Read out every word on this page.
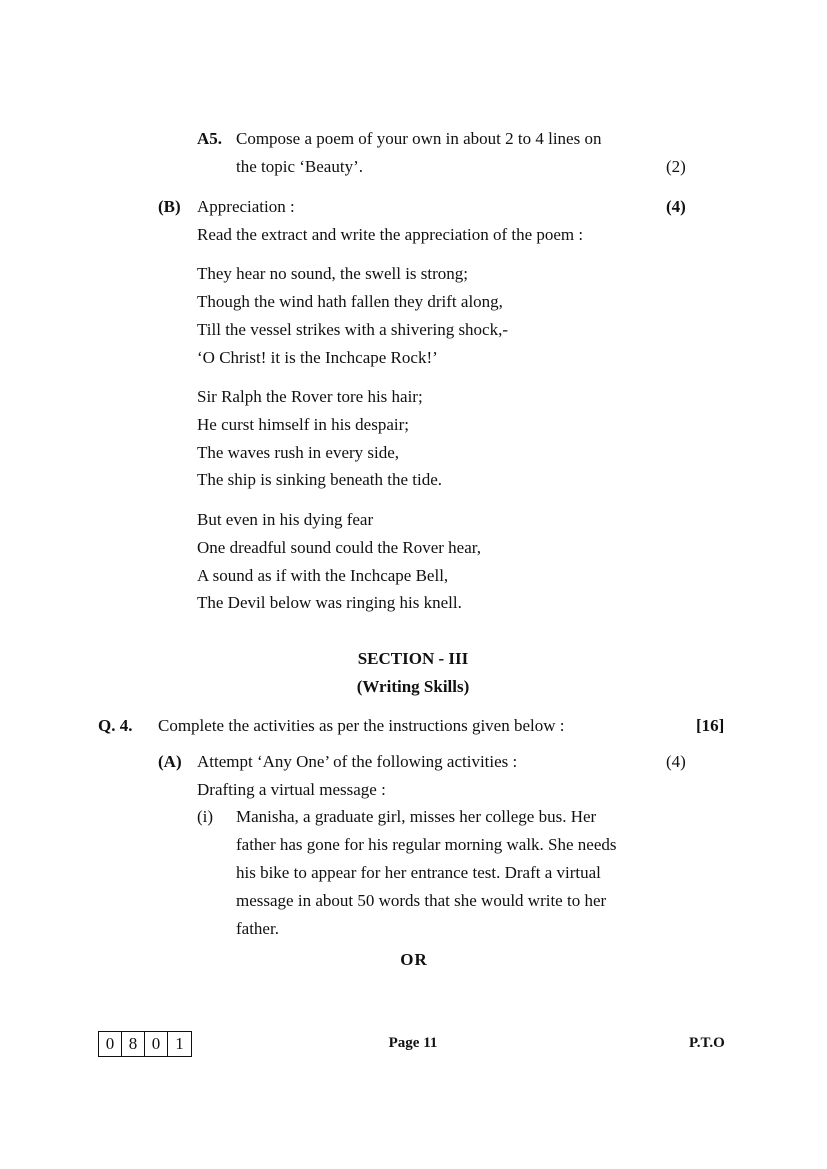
A5. Compose a poem of your own in about 2 to 4 lines on
the topic ‘Beauty’.	(2)
(B) Appreciation :	(4)
Read the extract and write the appreciation of the poem :
They hear no sound, the swell is strong;
Though the wind hath fallen they drift along,
Till the vessel strikes with a shivering shock,-
‘O Christ! it is the Inchcape Rock!’
Sir Ralph the Rover tore his hair;
He curst himself in his despair;
The waves rush in every side,
The ship is sinking beneath the tide.
But even in his dying fear
One dreadful sound could the Rover hear,
A sound as if with the Inchcape Bell,
The Devil below was ringing his knell.
SECTION - III
(Writing Skills)
Q. 4. Complete the activities as per the instructions given below :	[16]
(A) Attempt ‘Any One’ of the following activities :	(4)
Drafting a virtual message :
(i) Manisha, a graduate girl, misses her college bus. Her
father has gone for his regular morning walk. She needs
his bike to appear for her entrance test. Draft a virtual
message in about 50 words that she would write to her
father.
OR
0 8 0 1	Page 11	P.T.O
